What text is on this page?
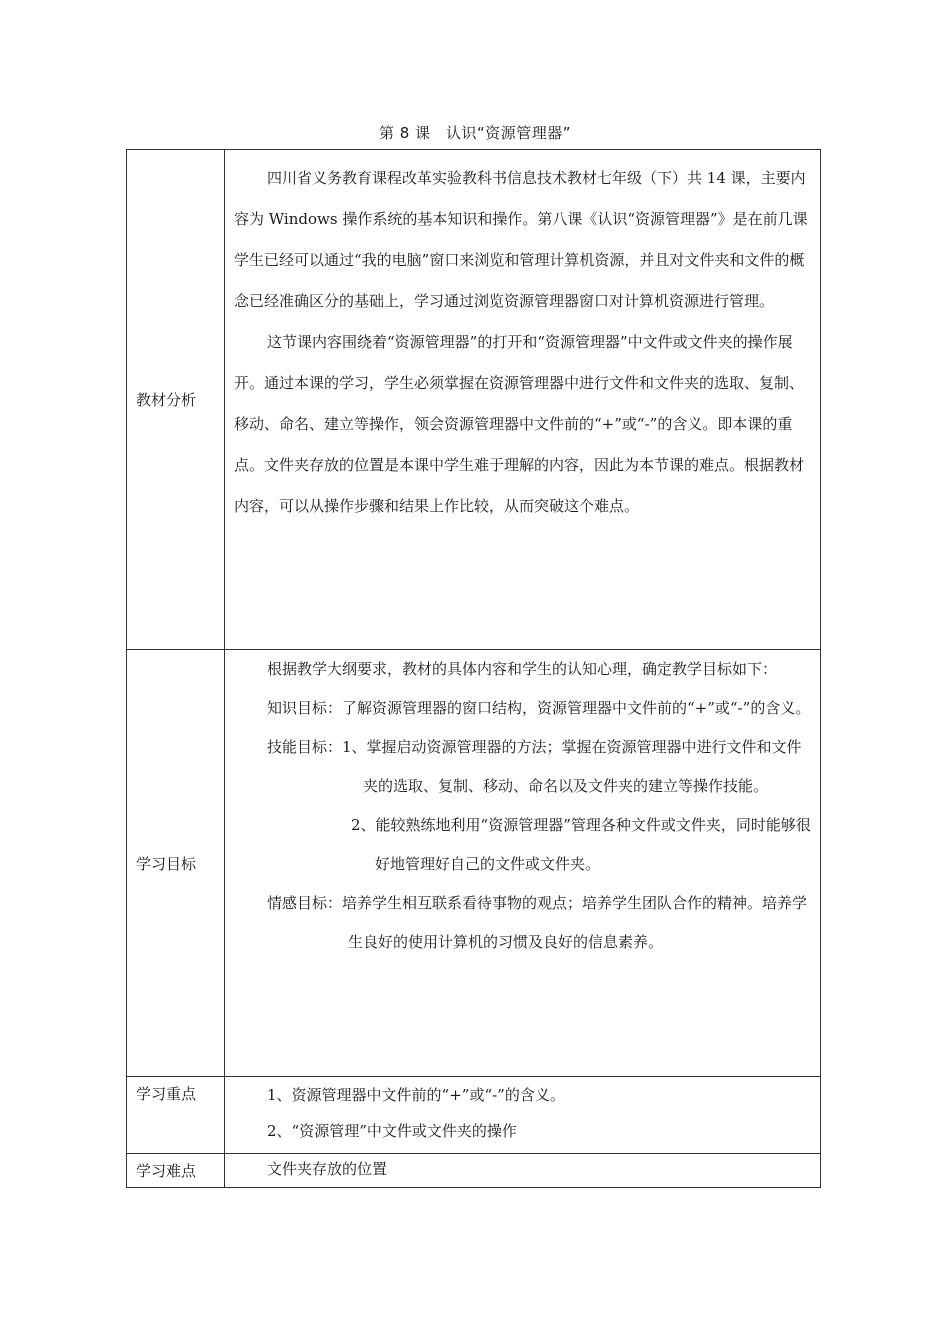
第 8 课　认识“资源管理器”
教材分析

四川省义务教育课程改革实验教科书信息技术教材七年级（下）共 14 课，主要内容为 Windows 操作系统的基本知识和操作。第八课《认识“资源管理器”》是在前几课学生已经可以通过“我的电脑”窗口来浏览和管理计算机资源，并且对文件夹和文件的概念已经准确区分的基础上，学习通过浏览资源管理器窗口对计算机资源进行管理。

这节课内容围绕着“资源管理器”的打开和“资源管理器”中文件或文件夹的操作展开。通过本课的学习，学生必须掌握在资源管理器中进行文件和文件夹的选取、复制、移动、命名、建立等操作，领会资源管理器中文件前的“+”或“-”的含义。即本课的重点。文件夹存放的位置是本课中学生难于理解的内容，因此为本节课的难点。根据教材内容，可以从操作步骤和结果上作比较，从而突破这个难点。

学习目标

根据教学大纲要求，教材的具体内容和学生的认知心理，确定教学目标如下：

知识目标：了解资源管理器的窗口结构，资源管理器中文件前的“+”或“-”的含义。

技能目标：1、掌握启动资源管理器的方法；掌握在资源管理器中进行文件和文件夹的选取、复制、移动、命名以及文件夹的建立等操作技能。

2、能较熟练地利用“资源管理器”管理各种文件或文件夹，同时能够很好地管理好自己的文件或文件夹。

情感目标：培养学生相互联系看待事物的观点；培养学生团队合作的精神。培养学生良好的使用计算机的习惯及良好的信息素养。

学习重点	1、资源管理器中文件前的“+”或“-”的含义。

2、“资源管理”中文件或文件夹的操作

学习难点	文件夹存放的位置
